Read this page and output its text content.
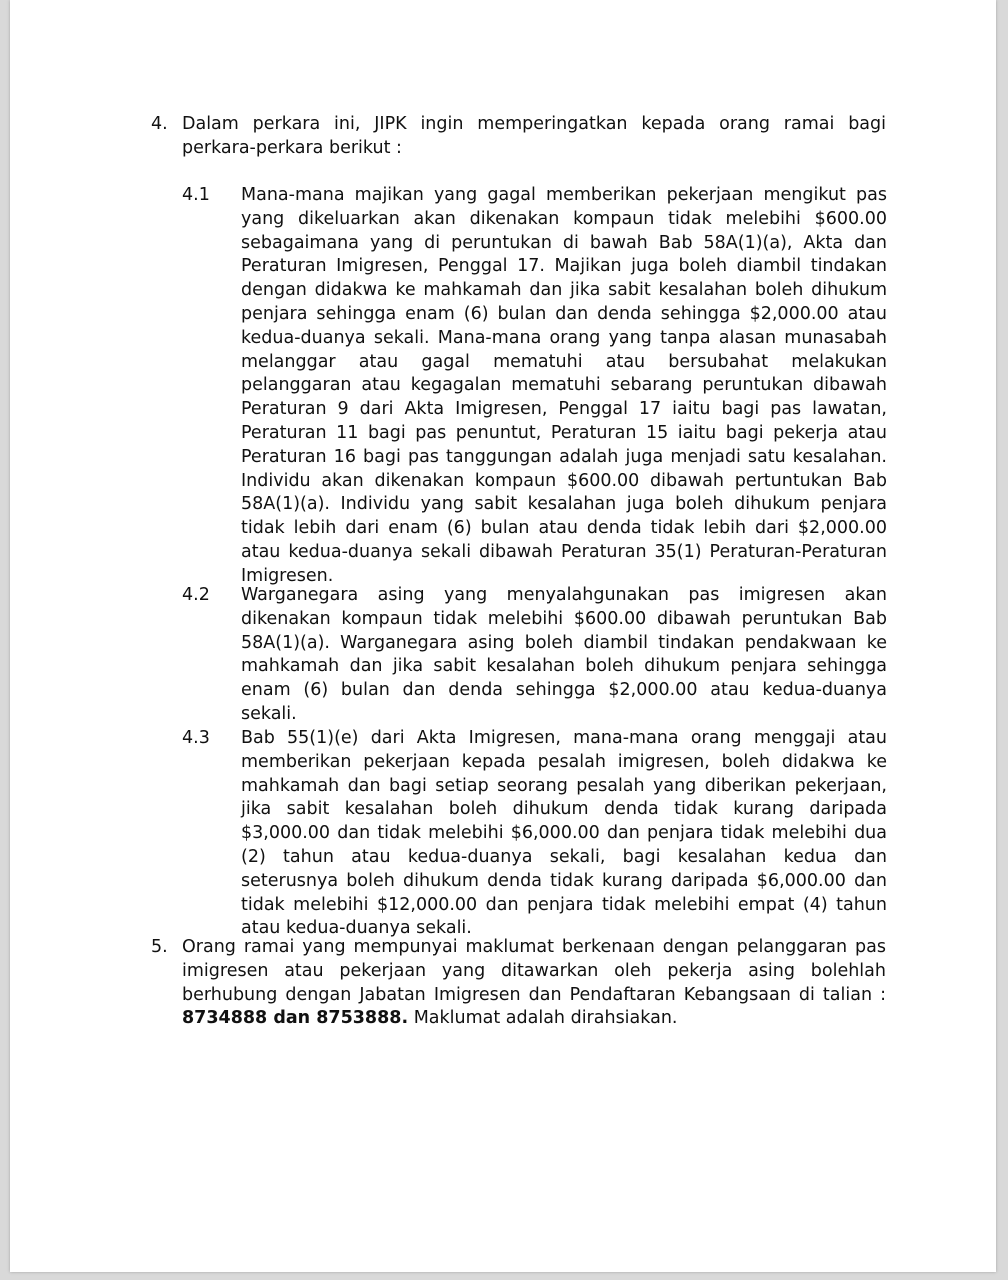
4. Dalam perkara ini, JIPK ingin memperingatkan kepada orang ramai bagi perkara-perkara berikut :
4.1	Mana-mana majikan yang gagal memberikan pekerjaan mengikut pas yang dikeluarkan akan dikenakan kompaun tidak melebihi $600.00 sebagaimana yang di peruntukan di bawah Bab 58A(1)(a), Akta dan Peraturan Imigresen, Penggal 17. Majikan juga boleh diambil tindakan dengan didakwa ke mahkamah dan jika sabit kesalahan boleh dihukum penjara sehingga enam (6) bulan dan denda sehingga $2,000.00 atau kedua-duanya sekali. Mana-mana orang yang tanpa alasan munasabah melanggar atau gagal mematuhi atau bersubahat melakukan pelanggaran atau kegagalan mematuhi sebarang peruntukan dibawah Peraturan 9 dari Akta Imigresen, Penggal 17 iaitu bagi pas lawatan, Peraturan 11 bagi pas penuntut, Peraturan 15 iaitu bagi pekerja atau Peraturan 16 bagi pas tanggungan adalah juga menjadi satu kesalahan. Individu akan dikenakan kompaun $600.00 dibawah pertuntukan Bab 58A(1)(a). Individu yang sabit kesalahan juga boleh dihukum penjara tidak lebih dari enam (6) bulan atau denda tidak lebih dari $2,000.00 atau kedua-duanya sekali dibawah Peraturan 35(1) Peraturan-Peraturan Imigresen.
4.2	Warganegara asing yang menyalahgunakan pas imigresen akan dikenakan kompaun tidak melebihi $600.00 dibawah peruntukan Bab 58A(1)(a). Warganegara asing boleh diambil tindakan pendakwaan ke mahkamah dan jika sabit kesalahan boleh dihukum penjara sehingga enam (6) bulan dan denda sehingga $2,000.00 atau kedua-duanya sekali.
4.3	Bab 55(1)(e) dari Akta Imigresen, mana-mana orang menggaji atau memberikan pekerjaan kepada pesalah imigresen, boleh didakwa ke mahkamah dan bagi setiap seorang pesalah yang diberikan pekerjaan, jika sabit kesalahan boleh dihukum denda tidak kurang daripada $3,000.00 dan tidak melebihi $6,000.00 dan penjara tidak melebihi dua (2) tahun atau kedua-duanya sekali, bagi kesalahan kedua dan seterusnya boleh dihukum denda tidak kurang daripada $6,000.00 dan tidak melebihi $12,000.00 dan penjara tidak melebihi empat (4) tahun atau kedua-duanya sekali.
5. Orang ramai yang mempunyai maklumat berkenaan dengan pelanggaran pas imigresen atau pekerjaan yang ditawarkan oleh pekerja asing bolehlah berhubung dengan Jabatan Imigresen dan Pendaftaran Kebangsaan di talian : 8734888 dan 8753888. Maklumat adalah dirahsiakan.
